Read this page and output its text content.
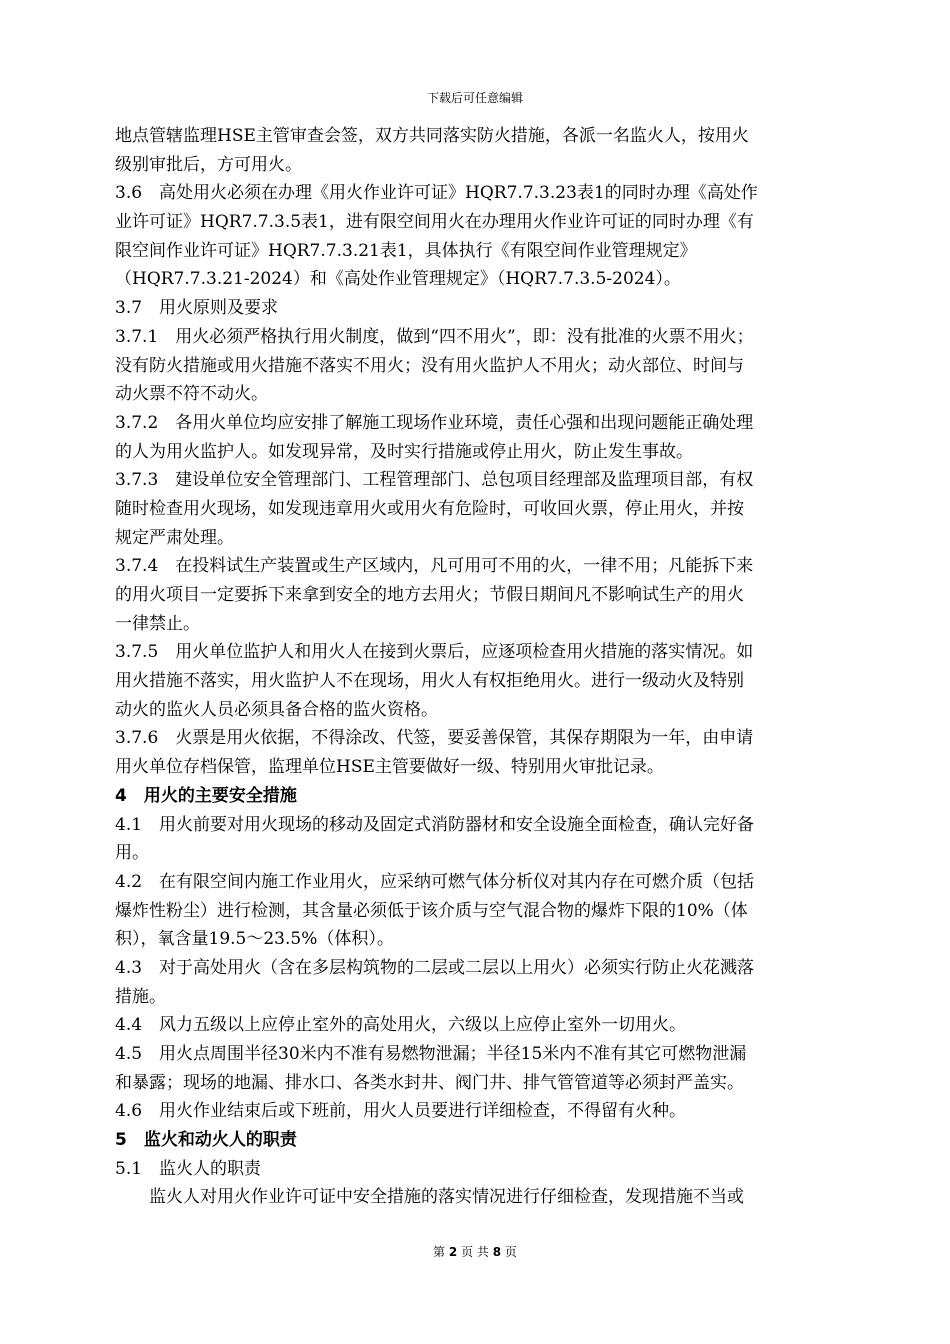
下载后可任意编辑
地点管辖监理HSE主管审查会签，双方共同落实防火措施，各派一名监火人，按用火
级别审批后，方可用火。
3.6　高处用火必须在办理《用火作业许可证》HQR7.7.3.23表1的同时办理《高处作
业许可证》HQR7.7.3.5表1，进有限空间用火在办理用火作业许可证的同时办理《有
限空间作业许可证》HQR7.7.3.21表1，具体执行《有限空间作业管理规定》
（HQR7.7.3.21-2024）和《高处作业管理规定》（HQR7.7.3.5-2024）。
3.7　用火原则及要求
3.7.1　用火必须严格执行用火制度，做到“四不用火”，即：没有批准的火票不用火；
没有防火措施或用火措施不落实不用火；没有用火监护人不用火；动火部位、时间与
动火票不符不动火。
3.7.2　各用火单位均应安排了解施工现场作业环境，责任心强和出现问题能正确处理
的人为用火监护人。如发现异常，及时实行措施或停止用火，防止发生事故。
3.7.3　建设单位安全管理部门、工程管理部门、总包项目经理部及监理项目部，有权
随时检查用火现场，如发现违章用火或用火有危险时，可收回火票，停止用火，并按
规定严肃处理。
3.7.4　在投料试生产装置或生产区域内，凡可用可不用的火，一律不用；凡能拆下来
的用火项目一定要拆下来拿到安全的地方去用火；节假日期间凡不影响试生产的用火
一律禁止。
3.7.5　用火单位监护人和用火人在接到火票后，应逐项检查用火措施的落实情况。如
用火措施不落实，用火监护人不在现场，用火人有权拒绝用火。进行一级动火及特别
动火的监火人员必须具备合格的监火资格。
3.7.6　火票是用火依据，不得涂改、代签，要妥善保管，其保存期限为一年，由申请
用火单位存档保管，监理单位HSE主管要做好一级、特别用火审批记录。
4　用火的主要安全措施
4.1　用火前要对用火现场的移动及固定式消防器材和安全设施全面检查，确认完好备
用。
4.2　在有限空间内施工作业用火，应采纳可燃气体分析仪对其内存在可燃介质（包括
爆炸性粉尘）进行检测，其含量必须低于该介质与空气混合物的爆炸下限的10%（体
积），氧含量19.5～23.5%（体积）。
4.3　对于高处用火（含在多层构筑物的二层或二层以上用火）必须实行防止火花溅落
措施。
4.4　风力五级以上应停止室外的高处用火，六级以上应停止室外一切用火。
4.5　用火点周围半径30米内不准有易燃物泄漏；半径15米内不准有其它可燃物泄漏
和暴露；现场的地漏、排水口、各类水封井、阀门井、排气管管道等必须封严盖实。
4.6　用火作业结束后或下班前，用火人员要进行详细检查，不得留有火种。
5　监火和动火人的职责
5.1　监火人的职责
监火人对用火作业许可证中安全措施的落实情况进行仔细检查，发现措施不当或
第 2 页 共 8 页
